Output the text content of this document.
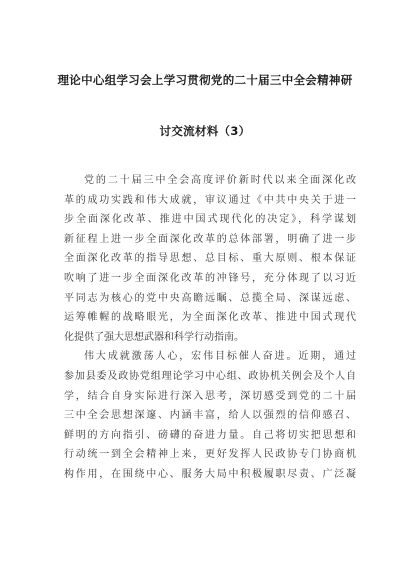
理论中心组学习会上学习贯彻党的二十届三中全会精神研
讨交流材料（3）
党的二十届三中全会高度评价新时代以来全面深化改
革的成功实践和伟大成就，审议通过《中共中央关于进一
步全面深化改革、推进中国式现代化的决定》，科学谋划
新征程上进一步全面深化改革的总体部署，明确了进一步
全面深化改革的指导思想、总目标、重大原则、根本保证
吹响了进一步全面深化改革的冲锋号，充分体现了以习近
平同志为核心的党中央高瞻远瞩、总揽全局、深谋远虑、
运筹帷幄的战略眼光，为全面深化改革、推进中国式现代
化提供了强大思想武器和科学行动指南。
伟大成就激荡人心，宏伟目标催人奋进。近期，通过
参加县委及政协党组理论学习中心组、政协机关例会及个人自
学，结合自身实际进行深入思考，深切感受到党的二十届
三中全会思想深邃、内涵丰富，给人以强烈的信仰感召、
鲜明的方向指引、磅礴的奋进力量。自己将切实把思想和
行动统一到全会精神上来，更好发挥人民政协专门协商机
构作用，在围绕中心、服务大局中积极履职尽责、广泛凝
